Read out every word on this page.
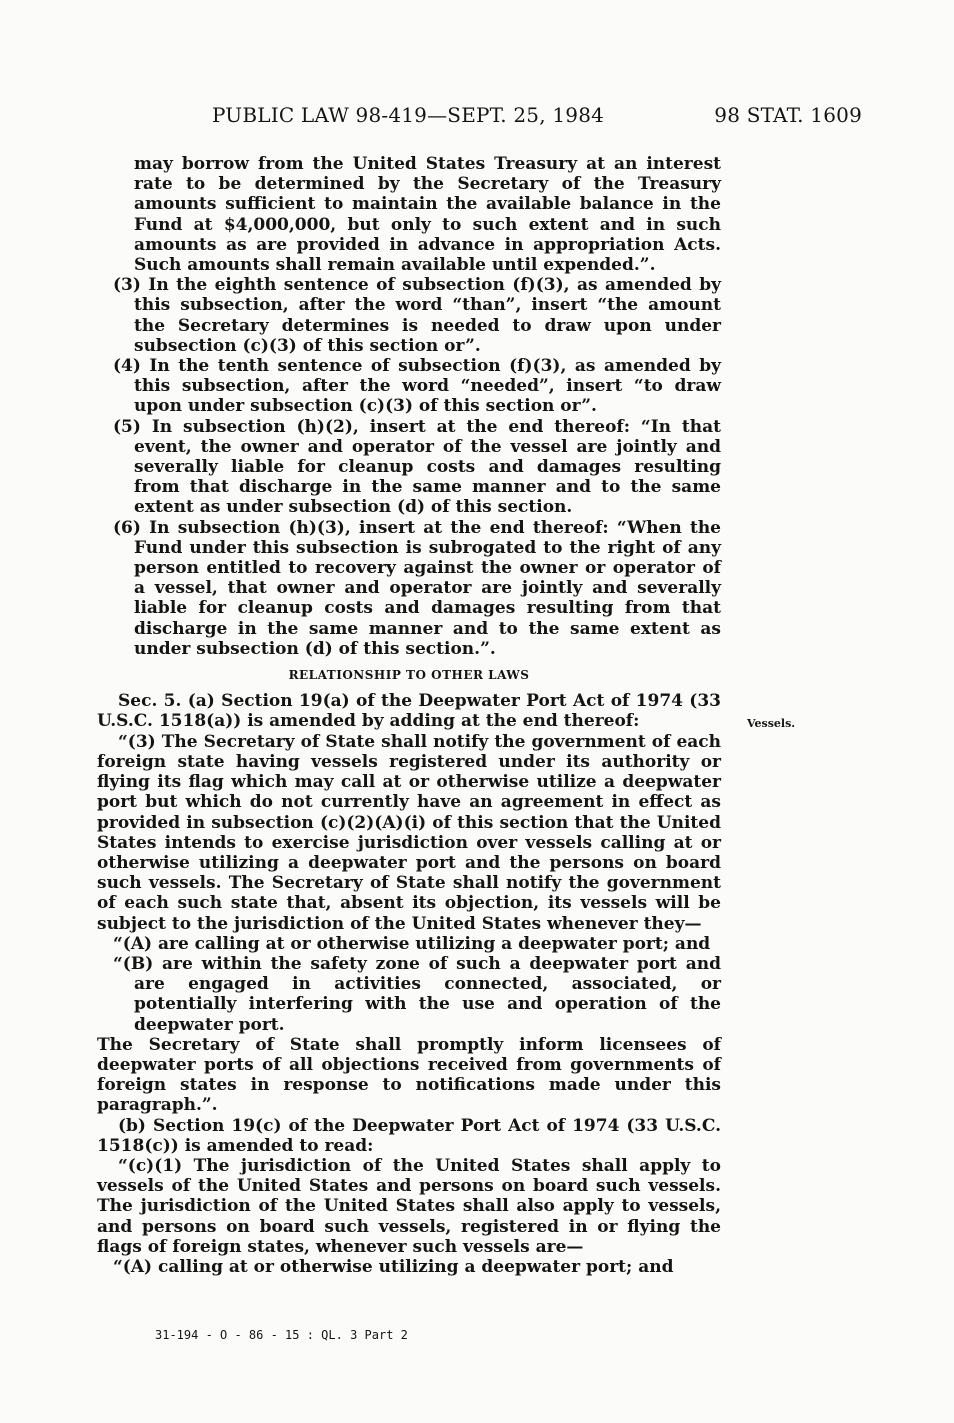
PUBLIC LAW 98-419—SEPT. 25, 1984	98 STAT. 1609

may borrow from the United States Treasury at an interest rate to be determined by the Secretary of the Treasury amounts sufficient to maintain the available balance in the Fund at $4,000,000, but only to such extent and in such amounts as are provided in advance in appropriation Acts. Such amounts shall remain available until expended.”.

(3) In the eighth sentence of subsection (f)(3), as amended by this subsection, after the word “than”, insert “the amount the Secretary determines is needed to draw upon under subsection (c)(3) of this section or”.

(4) In the tenth sentence of subsection (f)(3), as amended by this subsection, after the word “needed”, insert “to draw upon under subsection (c)(3) of this section or”.

(5) In subsection (h)(2), insert at the end thereof: “In that event, the owner and operator of the vessel are jointly and severally liable for cleanup costs and damages resulting from that discharge in the same manner and to the same extent as under subsection (d) of this section.

(6) In subsection (h)(3), insert at the end thereof: “When the Fund under this subsection is subrogated to the right of any person entitled to recovery against the owner or operator of a vessel, that owner and operator are jointly and severally liable for cleanup costs and damages resulting from that discharge in the same manner and to the same extent as under subsection (d) of this section.”.

RELATIONSHIP TO OTHER LAWS

Sec. 5. (a) Section 19(a) of the Deepwater Port Act of 1974 (33 U.S.C. 1518(a)) is amended by adding at the end thereof:

“(3) The Secretary of State shall notify the government of each foreign state having vessels registered under its authority or flying its flag which may call at or otherwise utilize a deepwater port but which do not currently have an agreement in effect as provided in subsection (c)(2)(A)(i) of this section that the United States intends to exercise jurisdiction over vessels calling at or otherwise utilizing a deepwater port and the persons on board such vessels. The Secretary of State shall notify the government of each such state that, absent its objection, its vessels will be subject to the jurisdiction of the United States whenever they—

“(A) are calling at or otherwise utilizing a deepwater port; and

“(B) are within the safety zone of such a deepwater port and are engaged in activities connected, associated, or potentially interfering with the use and operation of the deepwater port.

The Secretary of State shall promptly inform licensees of deepwater ports of all objections received from governments of foreign states in response to notifications made under this paragraph.”.

(b) Section 19(c) of the Deepwater Port Act of 1974 (33 U.S.C. 1518(c)) is amended to read:

“(c)(1) The jurisdiction of the United States shall apply to vessels of the United States and persons on board such vessels. The jurisdiction of the United States shall also apply to vessels, and persons on board such vessels, registered in or flying the flags of foreign states, whenever such vessels are—

“(A) calling at or otherwise utilizing a deepwater port; and

Vessels.
31-194 - O - 86 - 15 : QL. 3 Part 2
